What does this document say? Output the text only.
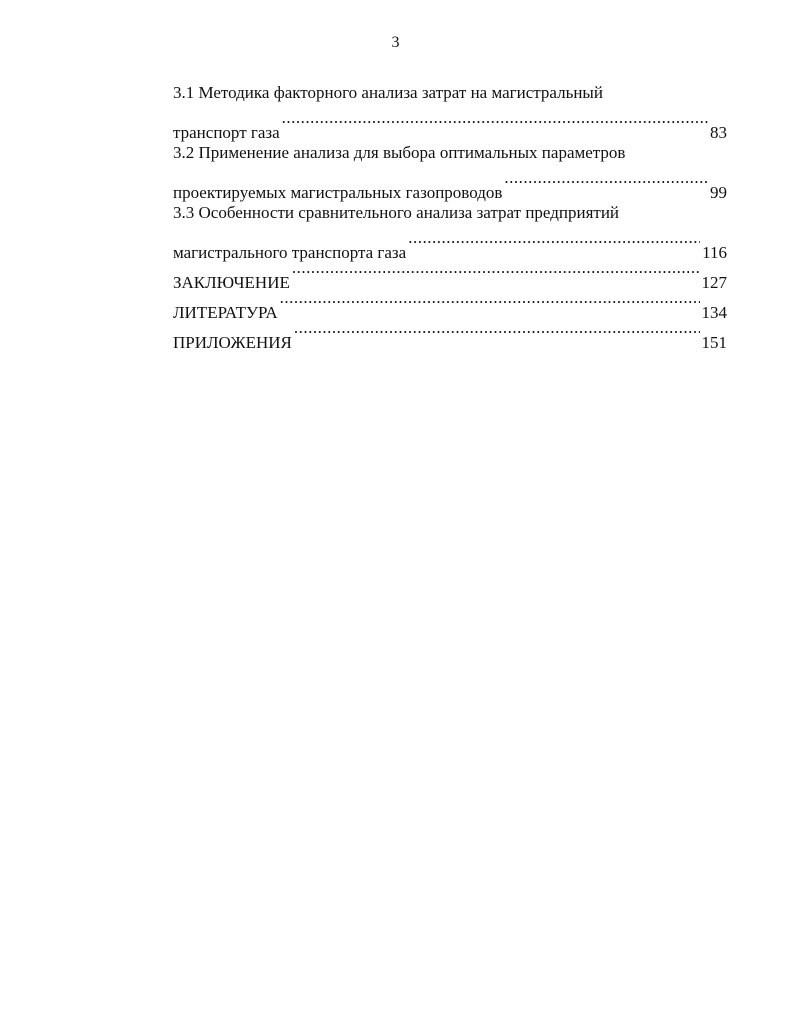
3
3.1 Методика факторного анализа затрат на магистральный
транспорт газа .....	83
3.2 Применение анализа для выбора оптимальных параметров
проектируемых магистральных газопроводов .....	99
3.3 Особенности сравнительного анализа затрат предприятий
магистрального транспорта газа .....	116
ЗАКЛЮЧЕНИЕ .....	127
ЛИТЕРАТУРА .....	134
ПРИЛОЖЕНИЯ .....	151
